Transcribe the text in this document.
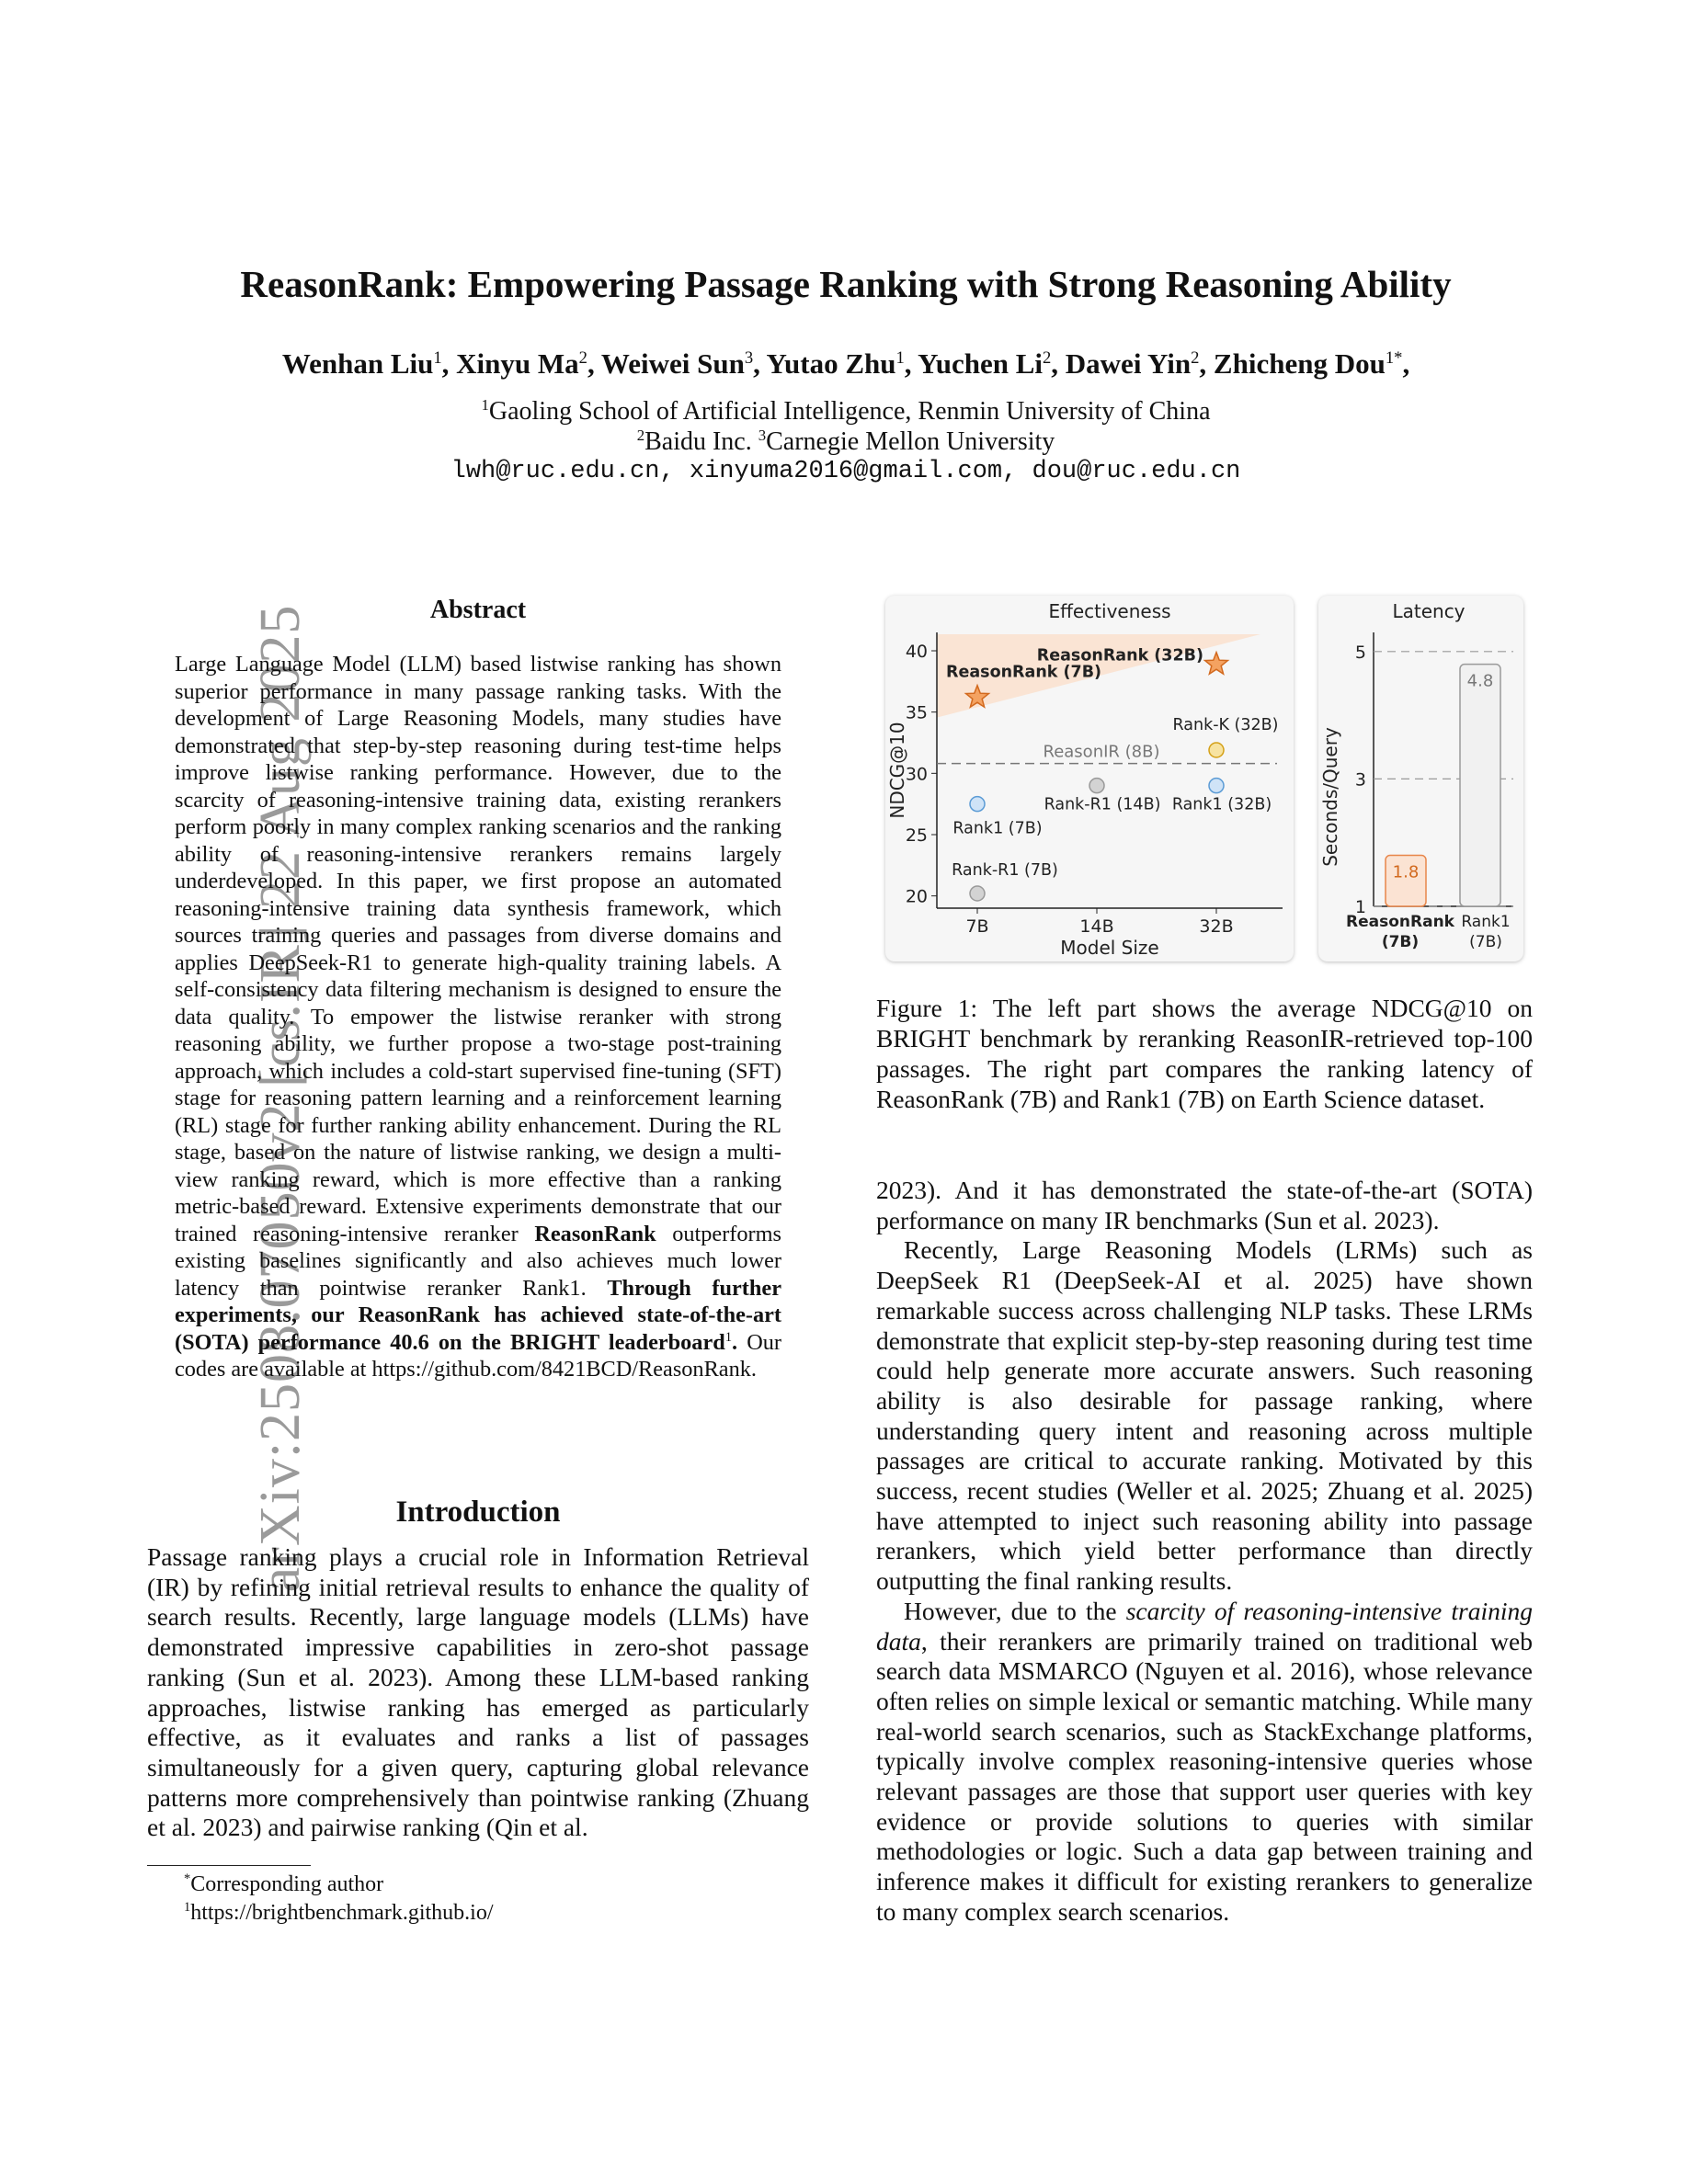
arXiv:2508.07050v2 [cs.IR] 22 Aug 2025
ReasonRank: Empowering Passage Ranking with Strong Reasoning Ability
Wenhan Liu$^1$, Xinyu Ma$^2$, Weiwei Sun$^3$, Yutao Zhu$^1$, Yuchen Li$^2$, Dawei Yin$^2$, Zhicheng Dou$^{1*}$,
$^1$Gaoling School of Artificial Intelligence, Renmin University of China
$^2$Baidu Inc. $^3$Carnegie Mellon University
lwh@ruc.edu.cn, xinyuma2016@gmail.com, dou@ruc.edu.cn
Abstract
Large Language Model (LLM) based listwise ranking has shown superior performance in many passage ranking tasks. With the development of Large Reasoning Models, many studies have demonstrated that step-by-step reasoning during test-time helps improve listwise ranking performance. However, due to the scarcity of reasoning-intensive training data, existing rerankers perform poorly in many complex ranking scenarios and the ranking ability of reasoning-intensive rerankers remains largely underdeveloped. In this paper, we first propose an automated reasoning-intensive training data synthesis framework, which sources training queries and passages from diverse domains and applies DeepSeek-R1 to generate high-quality training labels. A self-consistency data filtering mechanism is designed to ensure the data quality. To empower the listwise reranker with strong reasoning ability, we further propose a two-stage post-training approach, which includes a cold-start supervised fine-tuning (SFT) stage for reasoning pattern learning and a reinforcement learning (RL) stage for further ranking ability enhancement. During the RL stage, based on the nature of listwise ranking, we design a multi-view ranking reward, which is more effective than a ranking metric-based reward. Extensive experiments demonstrate that our trained reasoning-intensive reranker ReasonRank outperforms existing baselines significantly and also achieves much lower latency than pointwise reranker Rank1. Through further experiments, our ReasonRank has achieved state-of-the-art (SOTA) performance 40.6 on the BRIGHT leaderboard$^1$. Our codes are available at https://github.com/8421BCD/ReasonRank.
Introduction
Passage ranking plays a crucial role in Information Retrieval (IR) by refining initial retrieval results to enhance the quality of search results. Recently, large language models (LLMs) have demonstrated impressive capabilities in zero-shot passage ranking (Sun et al. 2023). Among these LLM-based ranking approaches, listwise ranking has emerged as particularly effective, as it evaluates and ranks a list of passages simultaneously for a given query, capturing global relevance patterns more comprehensively than pointwise ranking (Zhuang et al. 2023) and pairwise ranking (Qin et al.
*Corresponding author
$^1$https://brightbenchmark.github.io/
20
25
30
35
40
7B	14B	32B
Effectiveness
Model Size
NDCG@10	ReasonIR (8B)
ReasonRank (7B)
ReasonRank (32B)
Rank-K (32B)
Rank1 (32B)
Rank1 (7B)
Rank-R1 (14B)
Rank-R1 (7B)
Latency
Seconds/Query
1
3
5
1.8
ReasonRank
(7B)
4.8
Rank1
(7B)
Figure 1: The left part shows the average NDCG@10 on BRIGHT benchmark by reranking ReasonIR-retrieved top-100 passages. The right part compares the ranking latency of ReasonRank (7B) and Rank1 (7B) on Earth Science dataset.

2023). And it has demonstrated the state-of-the-art (SOTA) performance on many IR benchmarks (Sun et al. 2023).

Recently, Large Reasoning Models (LRMs) such as DeepSeek R1 (DeepSeek-AI et al. 2025) have shown remarkable success across challenging NLP tasks. These LRMs demonstrate that explicit step-by-step reasoning during test time could help generate more accurate answers. Such reasoning ability is also desirable for passage ranking, where understanding query intent and reasoning across multiple passages are critical to accurate ranking. Motivated by this success, recent studies (Weller et al. 2025; Zhuang et al. 2025) have attempted to inject such reasoning ability into passage rerankers, which yield better performance than directly outputting the final ranking results.

However, due to the scarcity of reasoning-intensive training data, their rerankers are primarily trained on traditional web search data MSMARCO (Nguyen et al. 2016), whose relevance often relies on simple lexical or semantic matching. While many real-world search scenarios, such as StackExchange platforms, typically involve complex reasoning-intensive queries whose relevant passages are those that support user queries with key evidence or provide solutions to queries with similar methodologies or logic. Such a data gap between training and inference makes it difficult for existing rerankers to generalize to many complex search scenarios.
